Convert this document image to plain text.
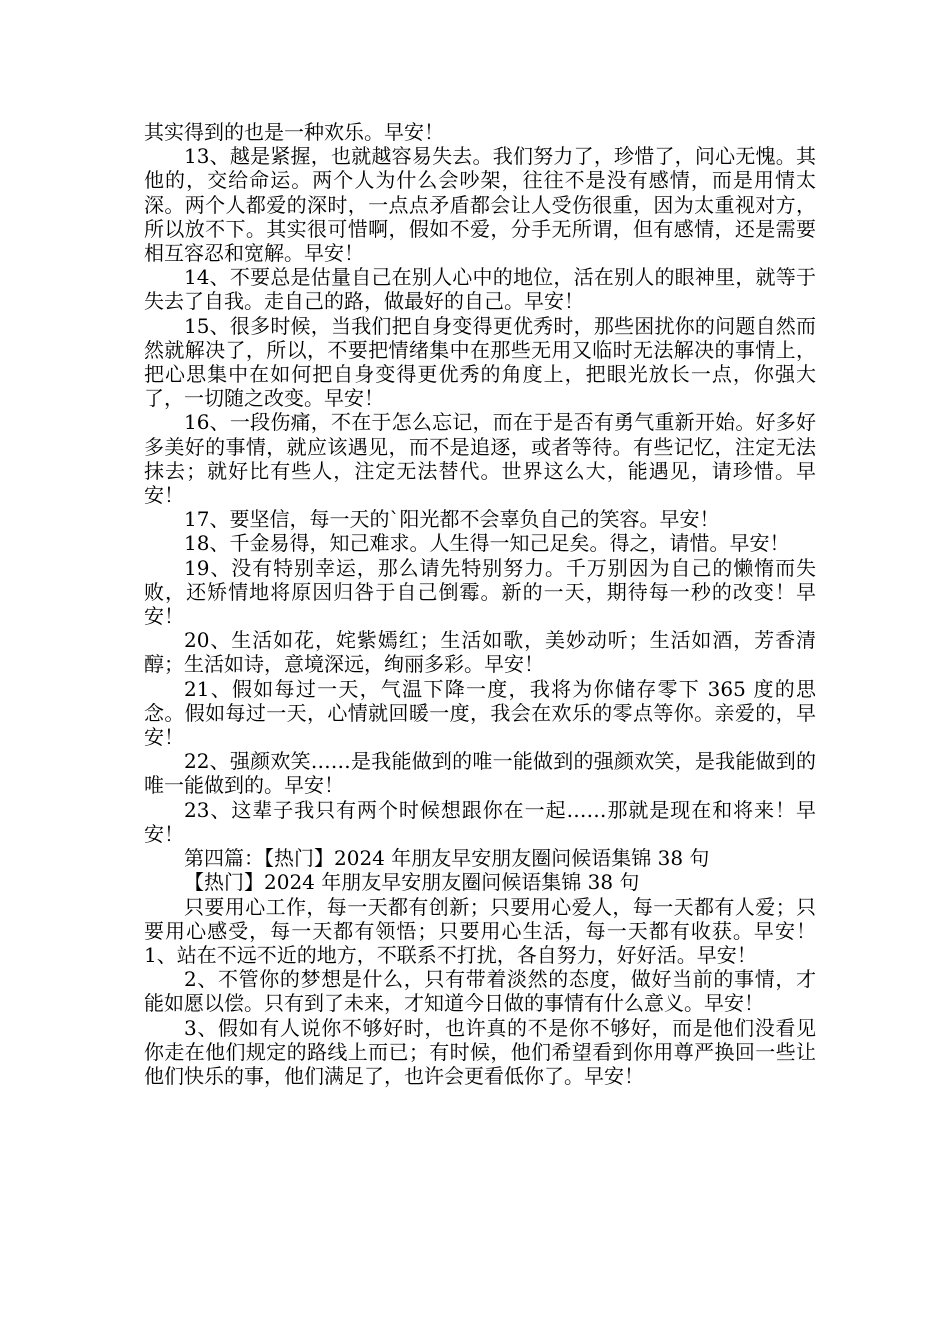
其实得到的也是一种欢乐。早安！

13、越是紧握，也就越容易失去。我们努力了，珍惜了，问心无愧。其他的，交给命运。两个人为什么会吵架，往往不是没有感情，而是用情太深。两个人都爱的深时，一点点矛盾都会让人受伤很重，因为太重视对方，所以放不下。其实很可惜啊，假如不爱，分手无所谓，但有感情，还是需要相互容忍和宽解。早安！

14、不要总是估量自己在别人心中的地位，活在别人的眼神里，就等于失去了自我。走自己的路，做最好的自己。早安！

15、很多时候，当我们把自身变得更优秀时，那些困扰你的问题自然而然就解决了，所以，不要把情绪集中在那些无用又临时无法解决的事情上，把心思集中在如何把自身变得更优秀的角度上，把眼光放长一点，你强大了，一切随之改变。早安！

16、一段伤痛，不在于怎么忘记，而在于是否有勇气重新开始。好多好多美好的事情，就应该遇见，而不是追逐，或者等待。有些记忆，注定无法抹去；就好比有些人，注定无法替代。世界这么大，能遇见，请珍惜。早安！

17、要坚信，每一天的`阳光都不会辜负自己的笑容。早安！

18、千金易得，知己难求。人生得一知己足矣。得之，请惜。早安！

19、没有特别幸运，那么请先特别努力。千万别因为自己的懒惰而失败，还矫情地将原因归咎于自己倒霉。新的一天，期待每一秒的改变！早安！

20、生活如花，姹紫嫣红；生活如歌，美妙动听；生活如酒，芳香清醇；生活如诗，意境深远，绚丽多彩。早安！

21、假如每过一天，气温下降一度，我将为你储存零下 365 度的思念。假如每过一天，心情就回暖一度，我会在欢乐的零点等你。亲爱的，早安！

22、强颜欢笑……是我能做到的唯一能做到的强颜欢笑，是我能做到的唯一能做到的。早安！

23、这辈子我只有两个时候想跟你在一起……那就是现在和将来！早安！

第四篇：【热门】2024 年朋友早安朋友圈问候语集锦 38 句

【热门】2024 年朋友早安朋友圈问候语集锦 38 句

只要用心工作，每一天都有创新；只要用心爱人，每一天都有人爱；只要用心感受，每一天都有领悟；只要用心生活，每一天都有收获。早安！1、站在不远不近的地方，不联系不打扰，各自努力，好好活。早安！

2、不管你的梦想是什么，只有带着淡然的态度，做好当前的事情，才能如愿以偿。只有到了未来，才知道今日做的事情有什么意义。早安！

3、假如有人说你不够好时，也许真的不是你不够好，而是他们没看见你走在他们规定的路线上而已；有时候，他们希望看到你用尊严换回一些让他们快乐的事，他们满足了，也许会更看低你了。早安！
